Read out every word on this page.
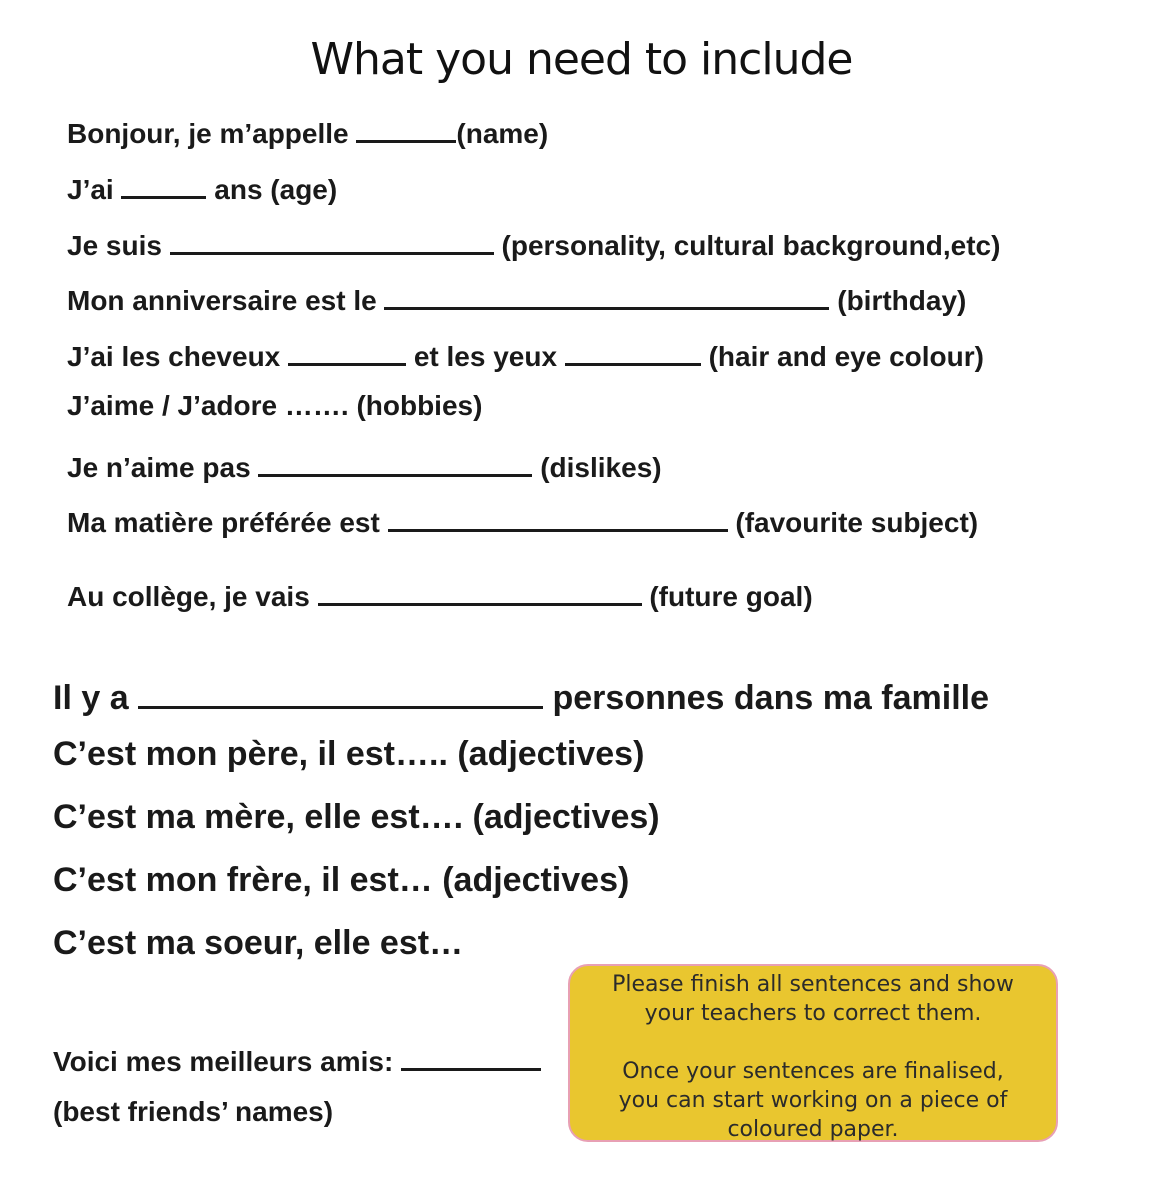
What you need to include
Bonjour, je m’appelle	(name)
J’ai	ans (age)
Je suis	(personality, cultural background,etc)
Mon anniversaire est le	(birthday)
J’ai les cheveux	et les yeux	(hair and eye colour)
J’aime / J’adore ……. (hobbies)
Je n’aime pas	(dislikes)
Ma matière préférée est	(favourite subject)
Au collège, je vais	(future goal)
Il y a	personnes dans ma famille
C’est mon père, il est….. (adjectives)
C’est ma mère, elle est…. (adjectives)
C’est mon frère, il est… (adjectives)
C’est ma soeur, elle est…
Voici mes meilleurs amis:
(best friends’ names)

Please finish all sentences and show

your teachers to correct them.

Once your sentences are finalised,

you can start working on a piece of

coloured paper.
